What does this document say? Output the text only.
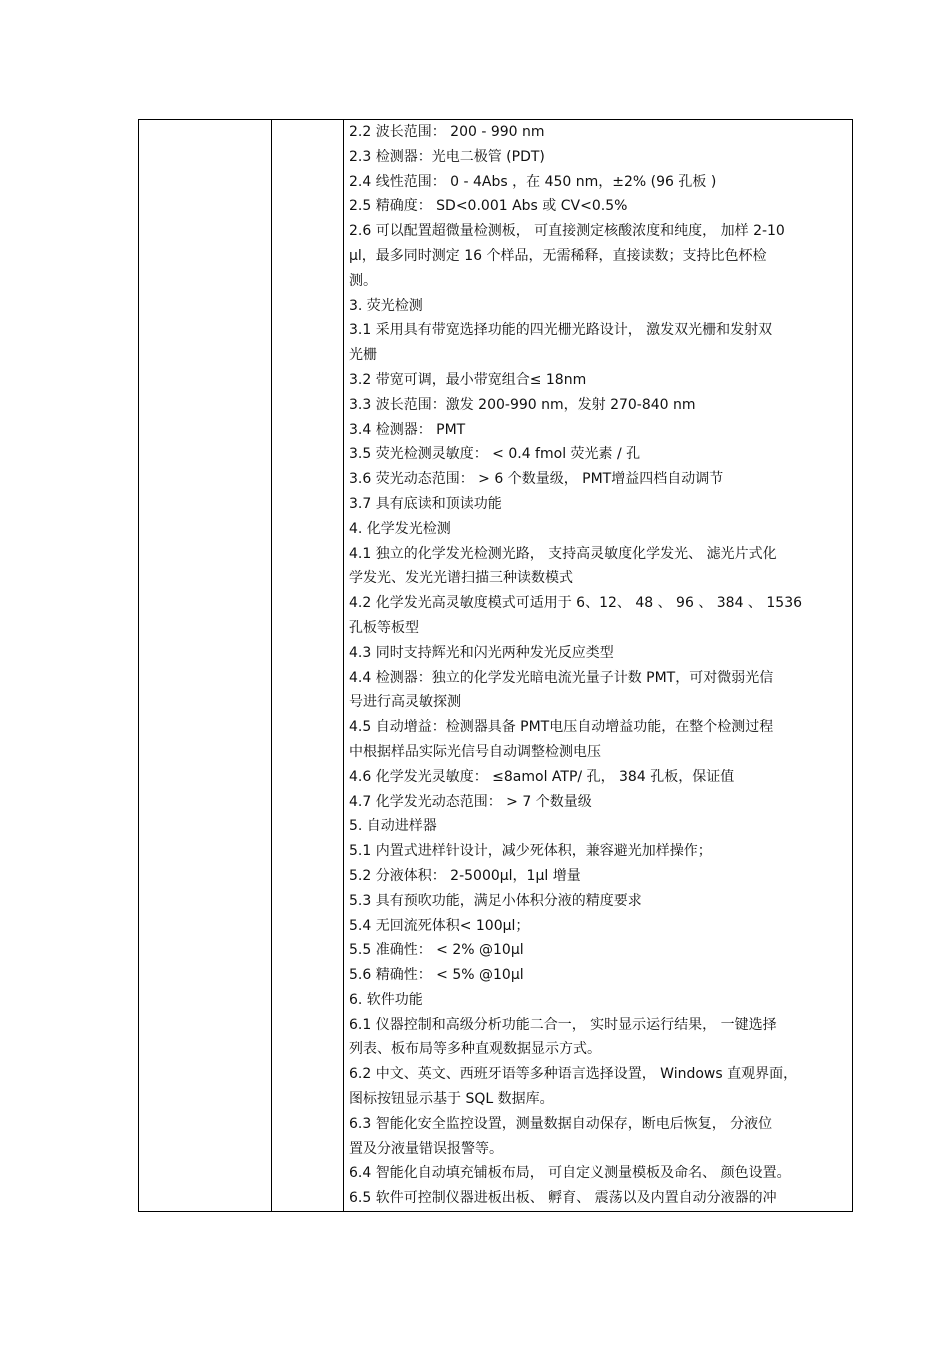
2.2 波长范围： 200 - 990 nm
2.3 检测器：光电二极管 (PDT)
2.4 线性范围： 0 - 4Abs ，在 450 nm，±2% (96 孔板 )
2.5 精确度： SD<0.001 Abs 或 CV<0.5%
2.6 可以配置超微量检测板， 可直接测定核酸浓度和纯度， 加样 2-10
μl，最多同时测定 16 个样品，无需稀释，直接读数；支持比色杯检
测。
3. 荧光检测
3.1 采用具有带宽选择功能的四光栅光路设计， 激发双光栅和发射双
光栅
3.2 带宽可调，最小带宽组合≤ 18nm
3.3 波长范围：激发 200-990 nm，发射 270-840 nm
3.4 检测器： PMT
3.5 荧光检测灵敏度： < 0.4 fmol 荧光素 / 孔
3.6 荧光动态范围： > 6 个数量级， PMT增益四档自动调节
3.7 具有底读和顶读功能
4. 化学发光检测
4.1 独立的化学发光检测光路， 支持高灵敏度化学发光、 滤光片式化
学发光、发光光谱扫描三种读数模式
4.2 化学发光高灵敏度模式可适用于 6、12、 48 、 96 、 384 、 1536
孔板等板型
4.3 同时支持辉光和闪光两种发光反应类型
4.4 检测器：独立的化学发光暗电流光量子计数 PMT，可对微弱光信
号进行高灵敏探测
4.5 自动增益：检测器具备 PMT电压自动增益功能，在整个检测过程
中根据样品实际光信号自动调整检测电压
4.6 化学发光灵敏度： ≤8amol ATP/ 孔， 384 孔板，保证值
4.7 化学发光动态范围： > 7 个数量级
5. 自动进样器
5.1 内置式进样针设计，减少死体积，兼容避光加样操作；
5.2 分液体积： 2-5000μl，1μl 增量
5.3 具有预吹功能，满足小体积分液的精度要求
5.4 无回流死体积< 100μl；
5.5 准确性： < 2% @10μl
5.6 精确性： < 5% @10μl
6. 软件功能
6.1 仪器控制和高级分析功能二合一， 实时显示运行结果， 一键选择
列表、板布局等多种直观数据显示方式。
6.2 中文、英文、西班牙语等多种语言选择设置， Windows 直观界面，
图标按钮显示基于 SQL 数据库。
6.3 智能化安全监控设置，测量数据自动保存，断电后恢复， 分液位
置及分液量错误报警等。
6.4 智能化自动填充铺板布局， 可自定义测量模板及命名、 颜色设置。
6.5 软件可控制仪器进板出板、 孵育、 震荡以及内置自动分液器的冲
